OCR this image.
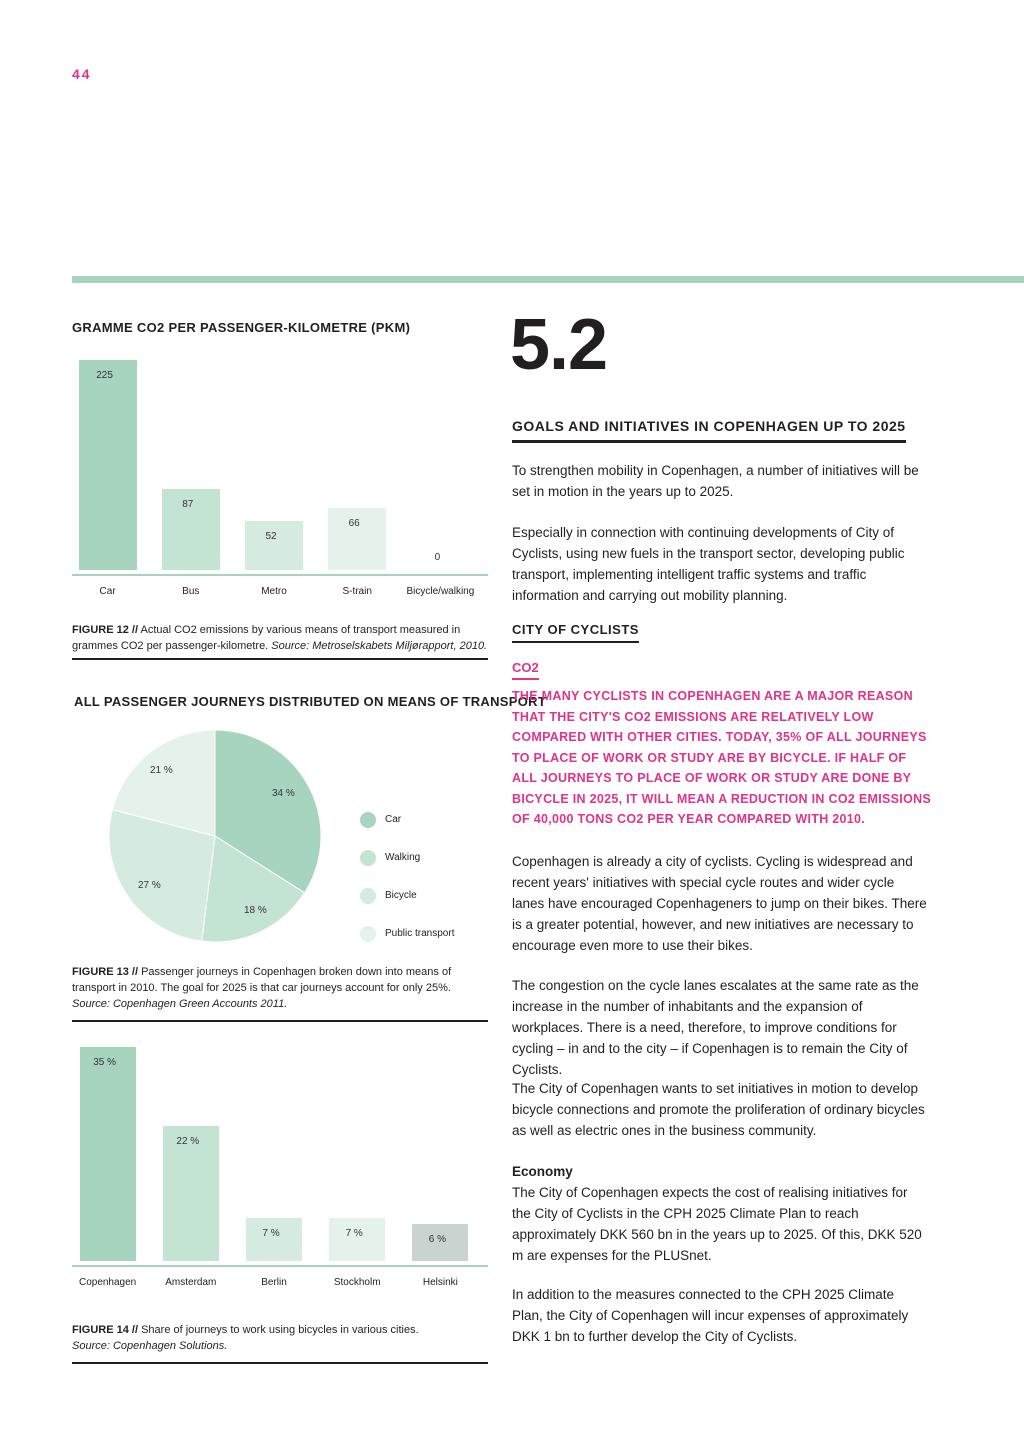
44
GRAMME CO2 PER PASSENGER-KILOMETRE (PKM)
225
Car
87
Bus
52
Metro
66
S-train
0
Bicycle/walking
FIGURE 12 // Actual CO2 emissions by various means of transport measured in grammes CO2 per passenger-kilometre. Source: Metroselskabets Miljørapport, 2010.
ALL PASSENGER JOURNEYS DISTRIBUTED ON MEANS OF TRANSPORT
34 %
18 %
27 %
21 %
Car
Walking
Bicycle
Public transport
FIGURE 13 // Passenger journeys in Copenhagen broken down into means of transport in 2010. The goal for 2025 is that car journeys account for only 25%.
Source: Copenhagen Green Accounts 2011.
35 %
Copenhagen
22 %
Amsterdam
7 %
Berlin
7 %
Stockholm
6 %
Helsinki
FIGURE 14 // Share of journeys to work using bicycles in various cities.
Source: Copenhagen Solutions.
5.2
GOALS AND INITIATIVES IN COPENHAGEN UP TO 2025
To strengthen mobility in Copenhagen, a number of initiatives will be set in motion in the years up to 2025.
Especially in connection with continuing developments of City of Cyclists, using new fuels in the transport sector, developing public transport, implementing intelligent traffic systems and traffic information and carrying out mobility planning.
CITY OF CYCLISTS
CO2
THE MANY CYCLISTS IN COPENHAGEN ARE A MAJOR REASON THAT THE CITY'S CO2 EMISSIONS ARE RELATIVELY LOW COMPARED WITH OTHER CITIES. TODAY, 35% OF ALL JOURNEYS TO PLACE OF WORK OR STUDY ARE BY BICYCLE. IF HALF OF ALL JOURNEYS TO PLACE OF WORK OR STUDY ARE DONE BY BICYCLE IN 2025, IT WILL MEAN A REDUCTION IN CO2 EMISSIONS OF 40,000 TONS CO2 PER YEAR COMPARED WITH 2010.
Copenhagen is already a city of cyclists. Cycling is widespread and recent years' initiatives with special cycle routes and wider cycle lanes have encouraged Copenhageners to jump on their bikes. There is a greater potential, however, and new initiatives are necessary to encourage even more to use their bikes.
The congestion on the cycle lanes escalates at the same rate as the increase in the number of inhabitants and the expansion of workplaces. There is a need, therefore, to improve conditions for cycling – in and to the city – if Copenhagen is to remain the City of Cyclists.
The City of Copenhagen wants to set initiatives in motion to develop bicycle connections and promote the proliferation of ordinary bicycles as well as electric ones in the business community.
Economy
The City of Copenhagen expects the cost of realising initiatives for the City of Cyclists in the CPH 2025 Climate Plan to reach approximately DKK 560 bn in the years up to 2025. Of this, DKK 520 m are expenses for the PLUSnet.
In addition to the measures connected to the CPH 2025 Climate Plan, the City of Copenhagen will incur expenses of approximately DKK 1 bn to further develop the City of Cyclists.
